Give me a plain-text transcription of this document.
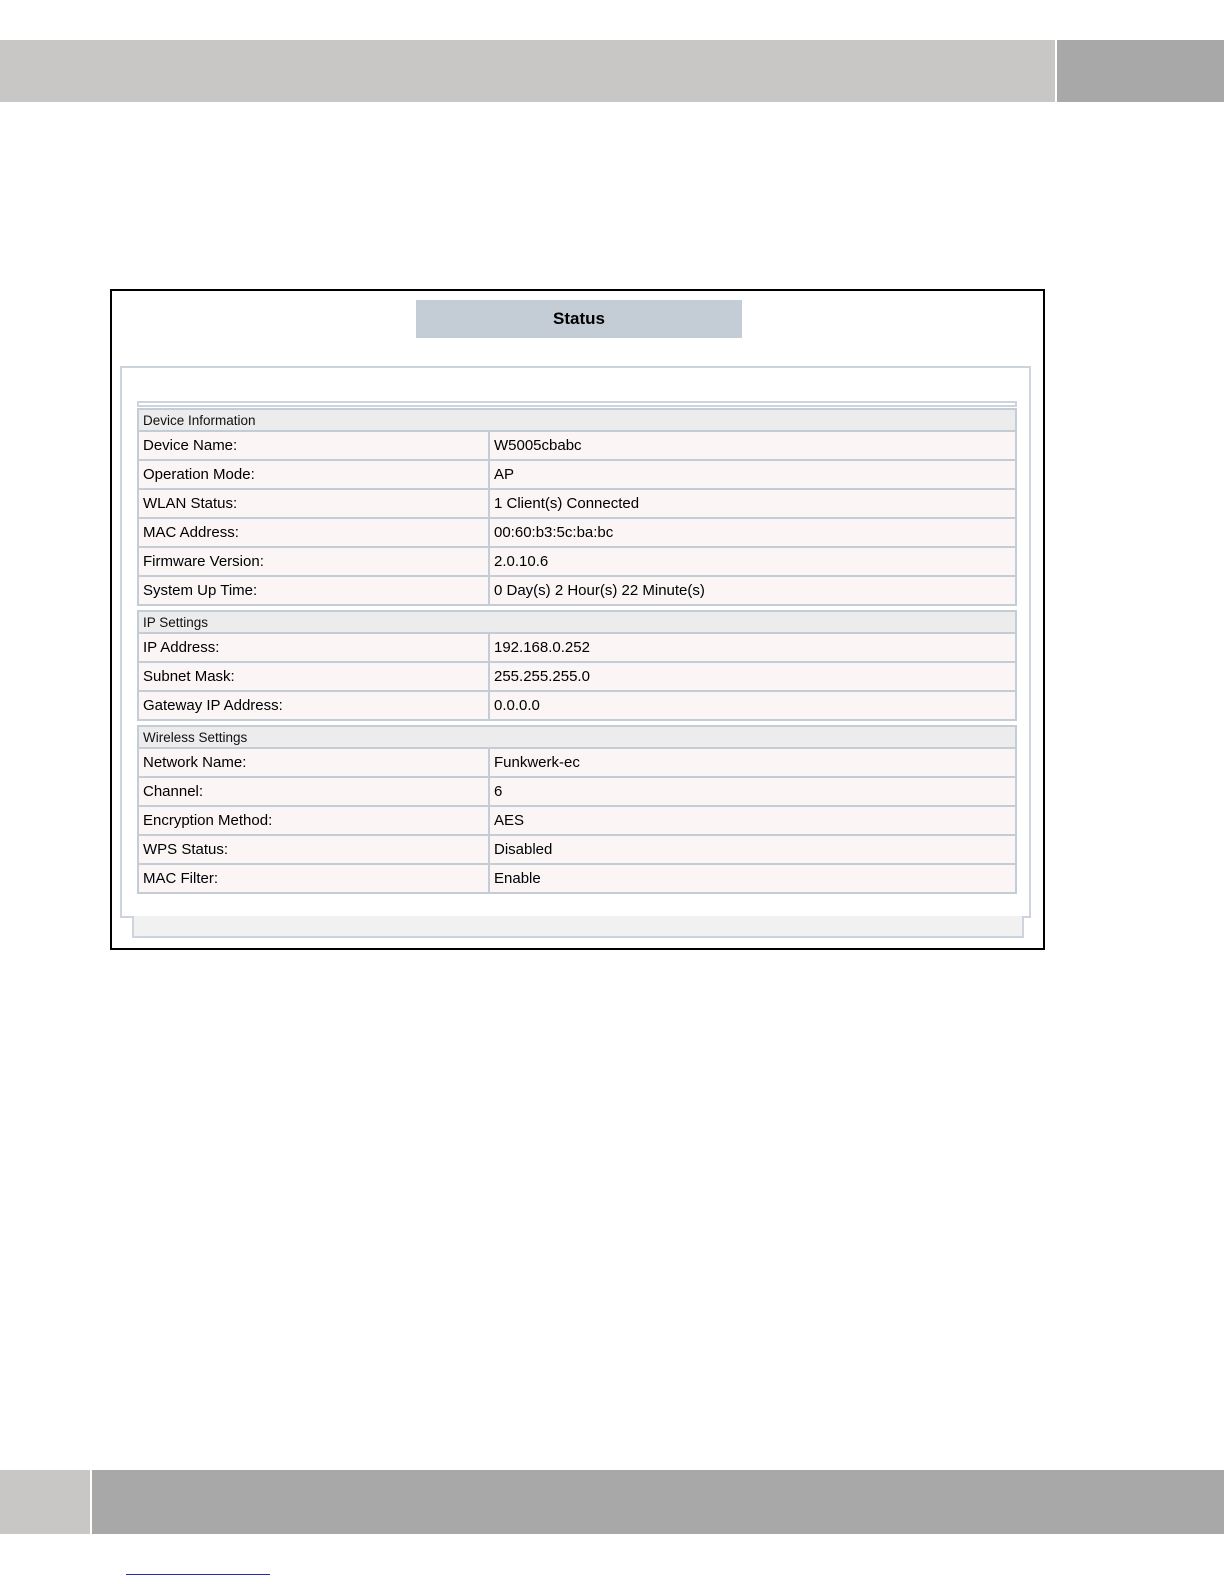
Status
Device Information
Device Name:	W5005cbabc
Operation Mode:	AP
WLAN Status:	1 Client(s) Connected
MAC Address:	00:60:b3:5c:ba:bc
Firmware Version:	2.0.10.6
System Up Time:	0 Day(s) 2 Hour(s) 22 Minute(s)
IP Settings
IP Address:	192.168.0.252
Subnet Mask:	255.255.255.0
Gateway IP Address:	0.0.0.0
Wireless Settings
Network Name:	Funkwerk-ec
Channel:	6
Encryption Method:	AES
WPS Status:	Disabled
MAC Filter:	Enable
